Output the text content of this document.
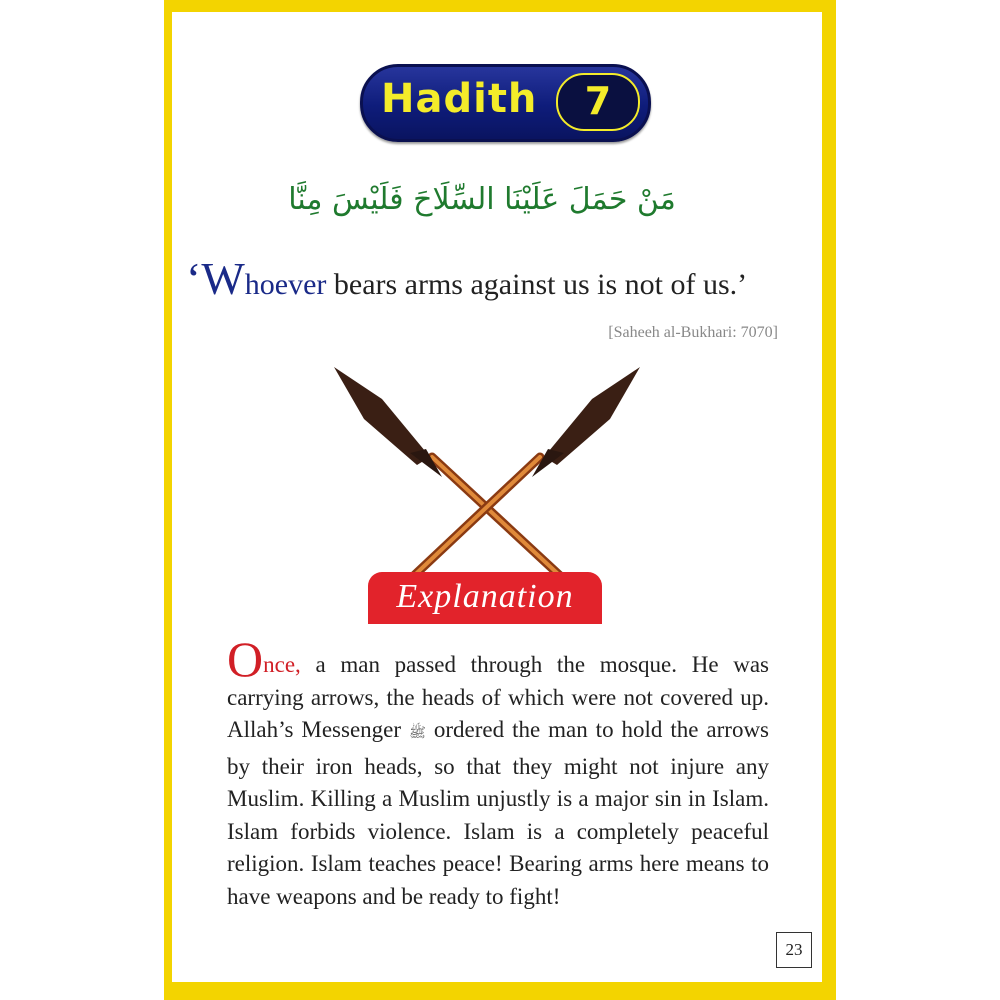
Hadith	7
مَنْ حَمَلَ عَلَيْنَا السِّلَاحَ فَلَيْسَ مِنَّا
‘Whoever bears arms against us is not of us.’
[Saheeh al-Bukhari: 7070]
Explanation
Once, a man passed through the mosque. He was carrying arrows, the heads of which were not covered up. Allah’s Messenger ﷺ ordered the man to hold the arrows by their iron heads, so that they might not injure any Muslim. Killing a Muslim unjustly is a major sin in Islam. Islam forbids violence. Islam is a completely peaceful religion. Islam teaches peace! Bearing arms here means to have weapons and be ready to fight!
23
